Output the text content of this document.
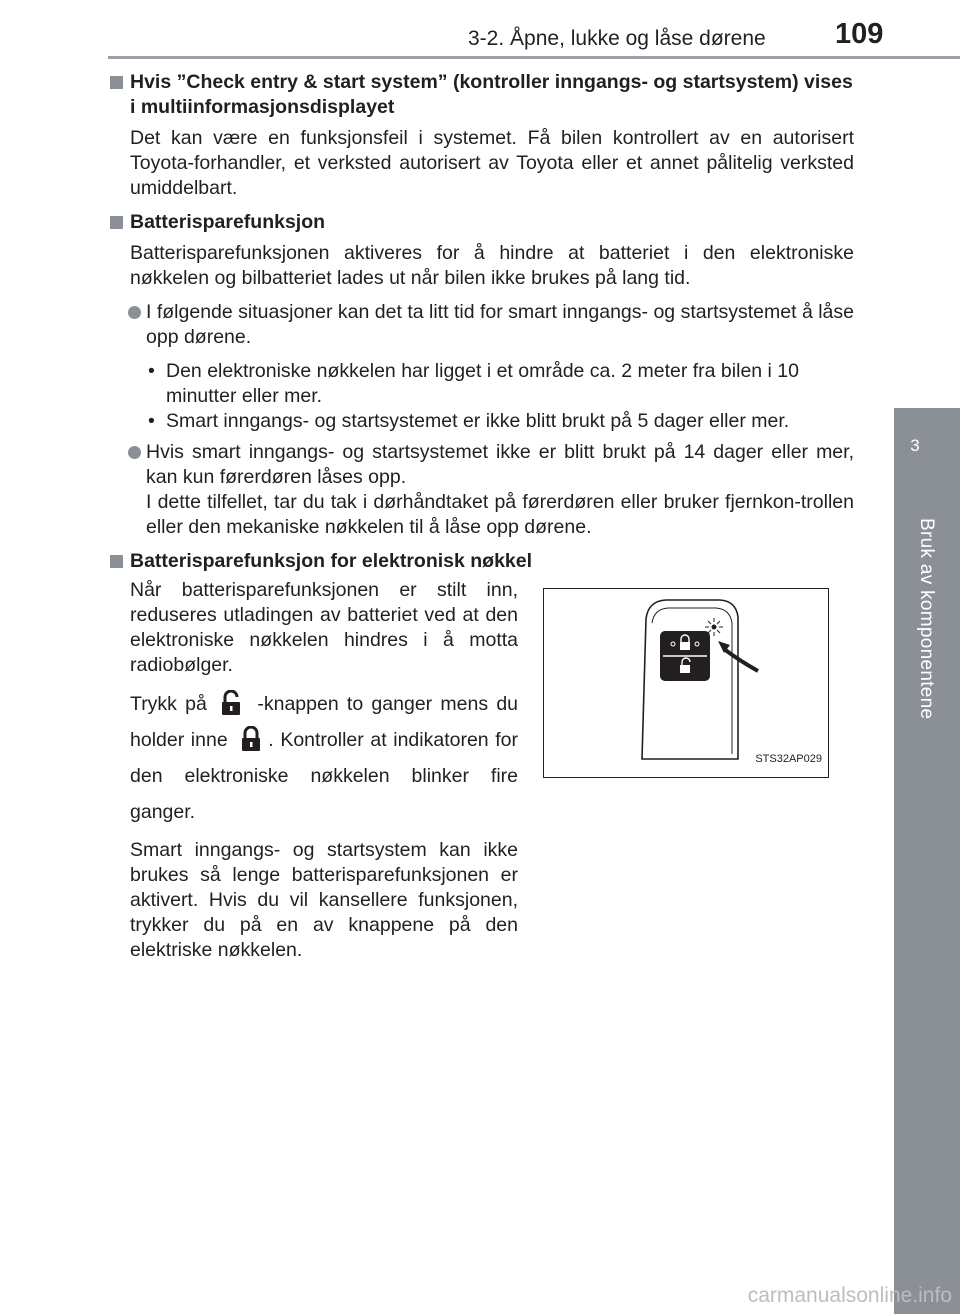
3-2. Åpne, lukke og låse dørene 109
3
Bruk av komponentene

Hvis ”Check entry & start system” (kontroller inngangs- og startsystem) vises i multiinformasjonsdisplayet

Det kan være en funksjonsfeil i systemet. Få bilen kontrollert av en autorisert Toyota-forhandler, et verksted autorisert av Toyota eller et annet pålitelig verksted umiddelbart.

Batterisparefunksjon

Batterisparefunksjonen aktiveres for å hindre at batteriet i den elektroniske nøkkelen og bilbatteriet lades ut når bilen ikke brukes på lang tid.

I følgende situasjoner kan det ta litt tid for smart inngangs- og startsystemet å låse opp dørene.

• Den elektroniske nøkkelen har ligget i et område ca. 2 meter fra bilen i 10 minutter eller mer.

• Smart inngangs- og startsystemet er ikke blitt brukt på 5 dager eller mer.

Hvis smart inngangs- og startsystemet ikke er blitt brukt på 14 dager eller mer, kan kun førerdøren låses opp.
I dette tilfellet, tar du tak i dørhåndtaket på førerdøren eller bruker fjernkon-trollen eller den mekaniske nøkkelen til å låse opp dørene.

Batterisparefunksjon for elektronisk nøkkel

Når batterisparefunksjonen er stilt inn, reduseres utladingen av batteriet ved at den elektroniske nøkkelen hindres i å motta radiobølger.

Trykk på	-knappen to ganger mens du holder inne . Kontroller at indikatoren for den elektroniske nøkkelen blinker fire ganger.

Smart inngangs- og startsystem kan ikke brukes så lenge batterisparefunksjonen er aktivert. Hvis du vil kansellere funksjonen, trykker du på en av knappene på den elektriske nøkkelen.

STS32AP029
carmanualsonline.info
